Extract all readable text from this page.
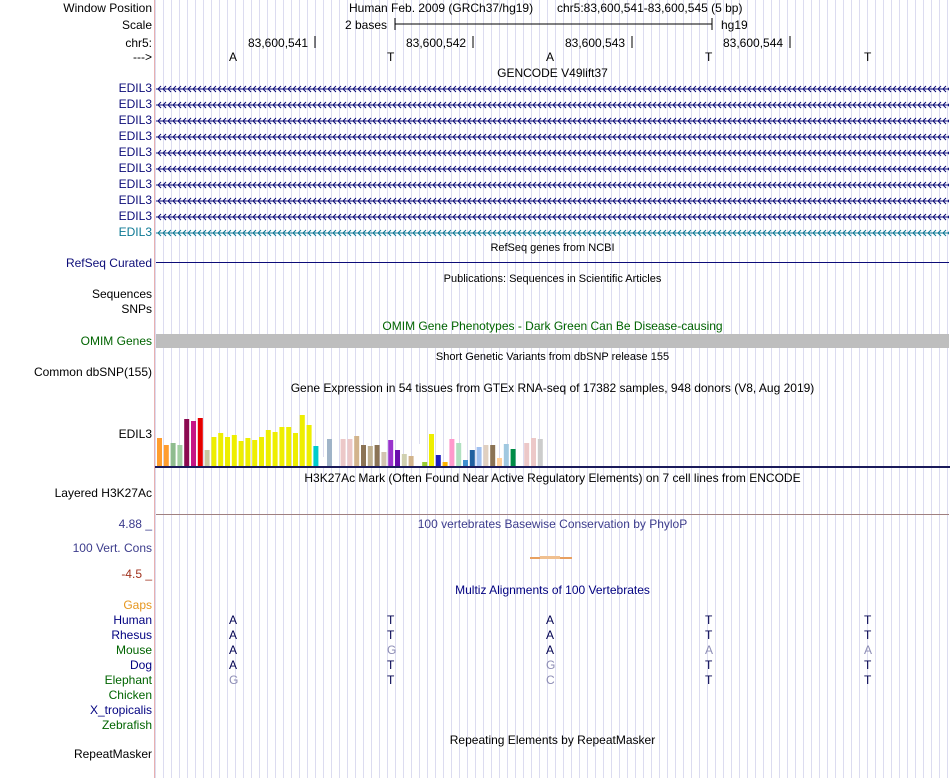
Window Position
Scale
chr5:
--->
Human Feb. 2009 (GRCh37/hg19) chr5:83,600,541-83,600,545 (5 bp)
2 bases	hg19
83,600,541	83,600,542	83,600,543	83,600,544
A	T	A	T	T
GENCODE V49lift37
EDIL3
EDIL3
EDIL3
EDIL3
EDIL3
EDIL3
EDIL3
EDIL3
EDIL3
EDIL3
RefSeq genes from NCBI
RefSeq Curated
Publications: Sequences in Scientific Articles
Sequences
SNPs
OMIM Gene Phenotypes - Dark Green Can Be Disease-causing
OMIM Genes
Short Genetic Variants from dbSNP release 155
Common dbSNP(155)
Gene Expression in 54 tissues from GTEx RNA-seq of 17382 samples, 948 donors (V8, Aug 2019)
EDIL3
H3K27Ac Mark (Often Found Near Active Regulatory Elements) on 7 cell lines from ENCODE
Layered H3K27Ac
100 vertebrates Basewise Conservation by PhyloP
4.88 _
100 Vert. Cons
-4.5 _
Multiz Alignments of 100 Vertebrates
Gaps
Human	A	T	A	T	T
Rhesus	A	T	A	T	T
Mouse	A	G	A	A	A
Dog	A	T	G	T	T
Elephant	G	T	C	T	T
Chicken
X_tropicalis
Zebrafish
Repeating Elements by RepeatMasker
RepeatMasker
